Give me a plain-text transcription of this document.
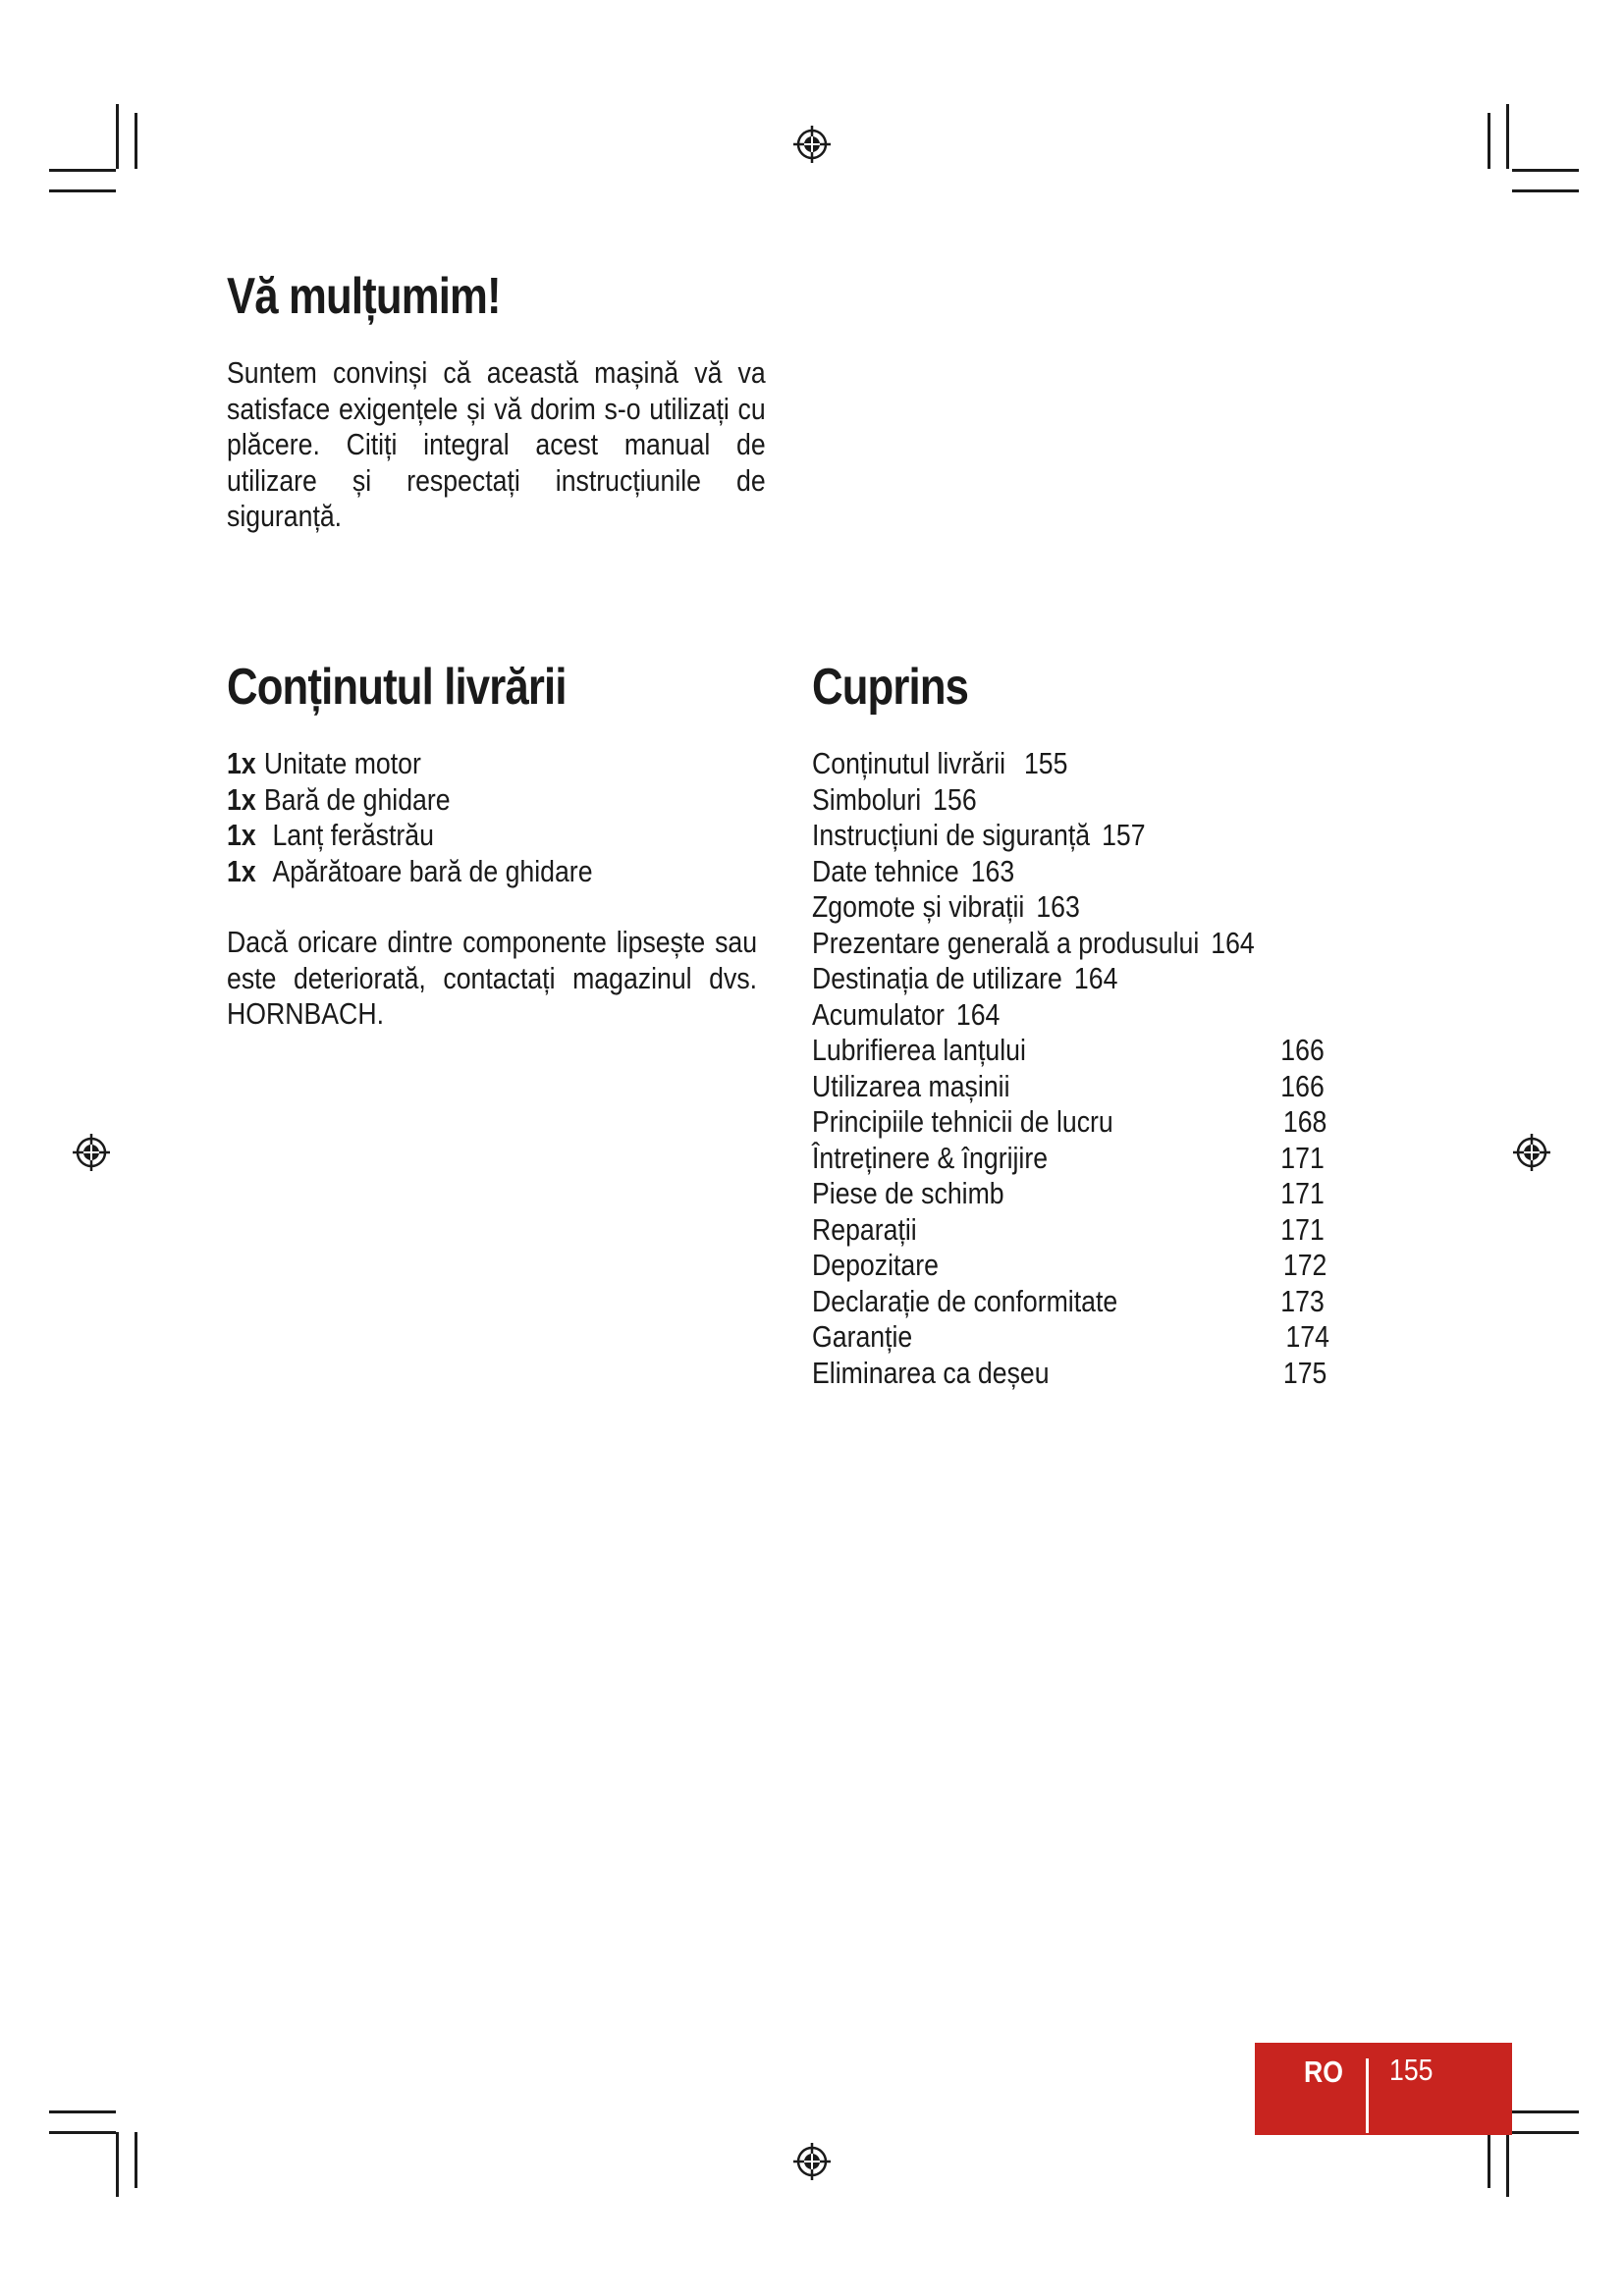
Vă mulțumim!

Suntem convinși că această mașină vă va satisface exigențele și vă dorim s-o utilizați cu plăcere. Citiți integral acest manual de utilizare și respectați instrucțiunile de siguranță.

Conținutul livrării
1x Unitate motor
1x Bară de ghidare
1x Lanț ferăstrău
1x Apărătoare bară de ghidare

Dacă oricare dintre componente lipsește sau este deteriorată, contactați magazinul dvs. HORNBACH.

Cuprins
Conținutul livrării 155
Simboluri 156
Instrucțiuni de siguranță 157
Date tehnice 163
Zgomote și vibrații 163
Prezentare generală a produsului 164
Destinația de utilizare 164
Acumulator 164
Lubrifierea lanțului	166
Utilizarea mașinii	166
Principiile tehnicii de lucru	168
Întreținere & îngrijire	171
Piese de schimb	171
Reparații	171
Depozitare	172
Declarație de conformitate	173
Garanție	174
Eliminarea ca deșeu	175
RO 155
